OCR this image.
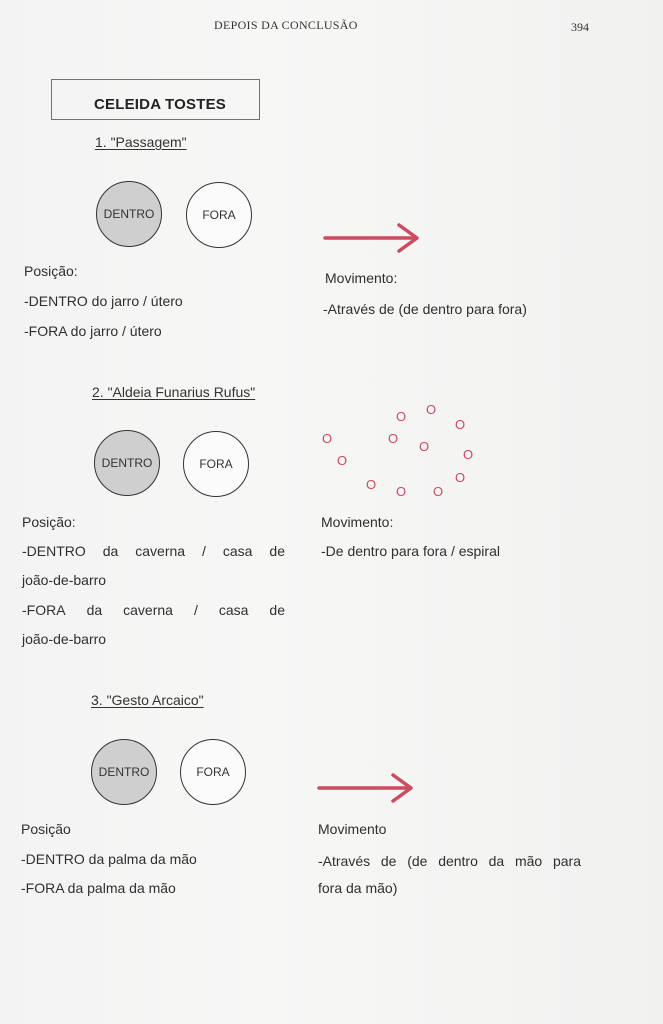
DEPOIS DA CONCLUSÃO	394
CELEIDA TOSTES
1. "Passagem"
DENTRO	FORA
Posição:
-DENTRO do jarro / útero
-FORA do jarro / útero
Movimento:
-Através de (de dentro para fora)
2. "Aldeia Funarius Rufus"
DENTRO	FORA
O O
O
O	O
O
O
O
O
O O O
Posição:
-DENTRO da caverna / casa de
joão-de-barro
-FORA da caverna / casa de
joão-de-barro
Movimento:
-De dentro para fora / espiral
3. "Gesto Arcaico"
DENTRO	FORA
Posição
-DENTRO da palma da mão
-FORA da palma da mão
Movimento
-Através de (de dentro da mão para
fora da mão)
